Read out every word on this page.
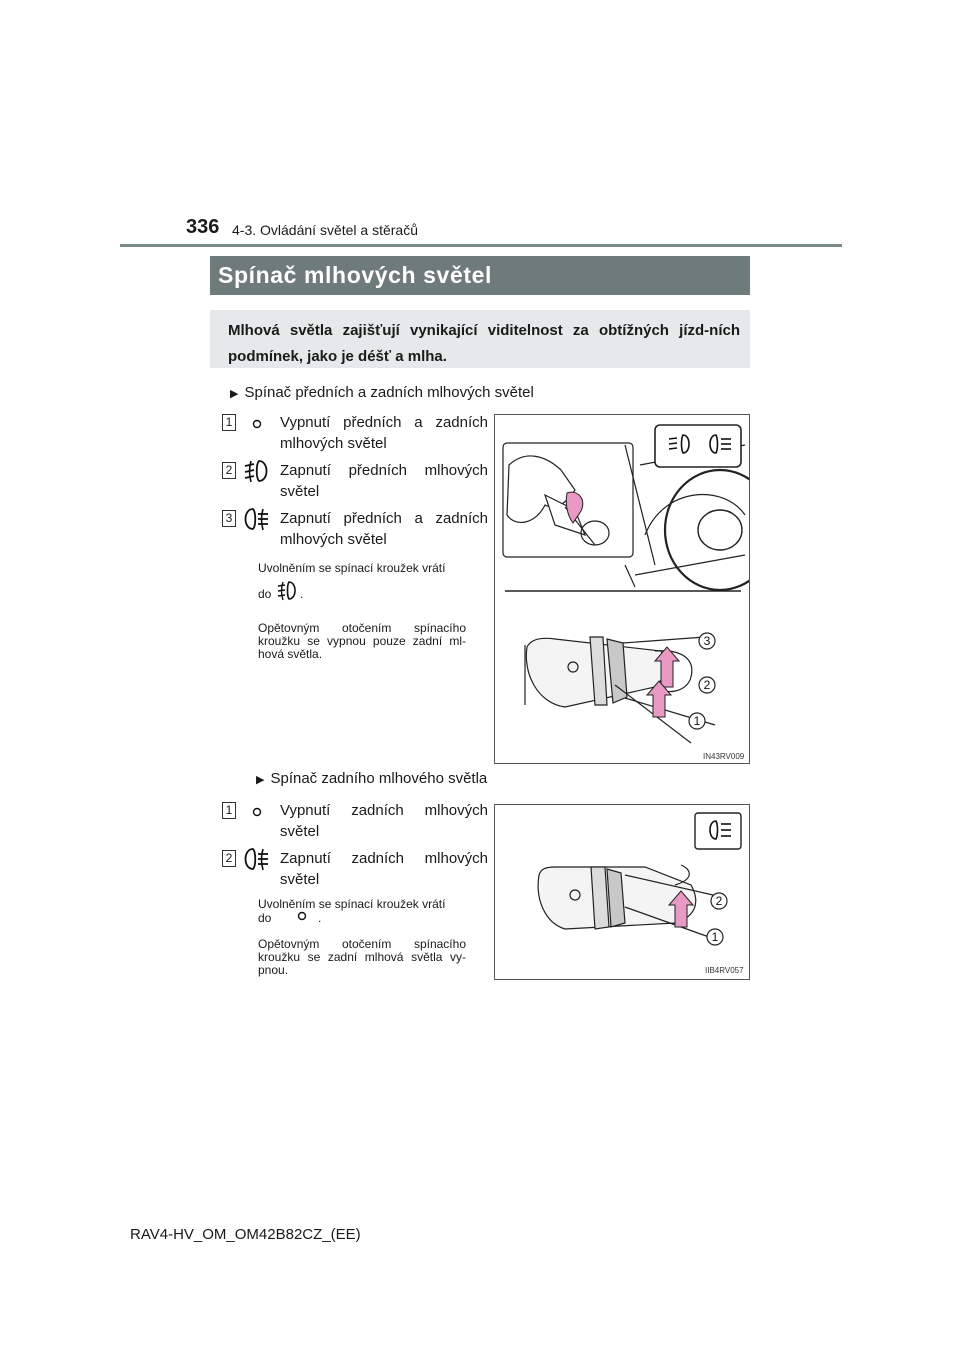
336 4-3. Ovládání světel a stěračů
Spínač mlhových světel
Mlhová světla zajišťují vynikající viditelnost za obtížných jízd-ních podmínek, jako je déšť a mlha.
▶ Spínač předních a zadních mlhových světel
1	Vypnutí předních a zadních mlhových světel
2	Zapnutí předních mlhových světel
3	Zapnutí předních a zadních mlhových světel
Uvolněním se spínací kroužek vrátí
do	.
Opětovným otočením spínacího kroužku se vypnou pouze zadní ml-hová světla.
3
2
1
IN43RV009
▶ Spínač zadního mlhového světla
1	Vypnutí zadních mlhových světel
2	Zapnutí zadních mlhových světel
Uvolněním se spínací kroužek vrátí
do	.
Opětovným otočením spínacího kroužku se zadní mlhová světla vy-pnou.
2
1
IIB4RV057
RAV4-HV_OM_OM42B82CZ_(EE)
